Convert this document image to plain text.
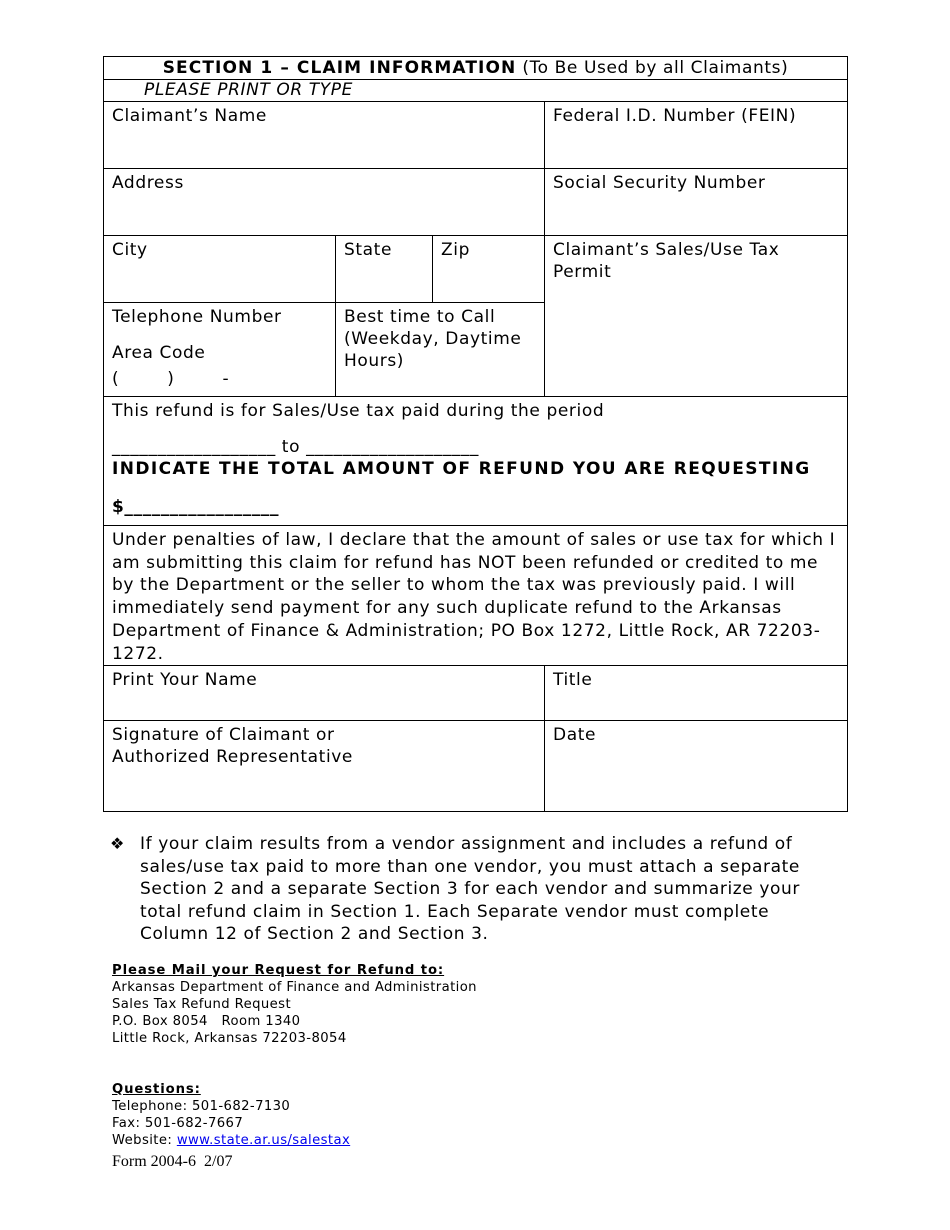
SECTION 1 – CLAIM INFORMATION (To Be Used by all Claimants)			
PLEASE PRINT OR TYPE			
Claimant’s Name			Federal I.D. Number (FEIN)
Address			Social Security Number
City	State	Zip	Claimant’s Sales/Use Tax Permit

Telephone Number
Area Code
(        )        -	Best time to Call (Weekday, Daytime Hours)		

This refund is for Sales/Use tax paid during the period
__________________ to ___________________
INDICATE THE TOTAL AMOUNT OF REFUND YOU ARE REQUESTING
$_________________			

Under penalties of law, I declare that the amount of sales or use tax for which I am submitting this claim for refund has NOT been refunded or credited to me by the Department or the seller to whom the tax was previously paid. I will immediately send payment for any such duplicate refund to the Arkansas Department of Finance & Administration; PO Box 1272, Little Rock, AR 72203-1272.			
Print Your Name			Title

Signature of Claimant or Authorized Representative			Date
❖ If your claim results from a vendor assignment and includes a refund of sales/use tax paid to more than one vendor, you must attach a separate Section 2 and a separate Section 3 for each vendor and summarize your total refund claim in Section 1. Each Separate vendor must complete Column 12 of Section 2 and Section 3.
Please Mail your Request for Refund to:
Arkansas Department of Finance and Administration
Sales Tax Refund Request
P.O. Box 8054   Room 1340
Little Rock, Arkansas 72203-8054
Questions:
Telephone: 501-682-7130
Fax: 501-682-7667
Website: www.state.ar.us/salestax
Form 2004-6  2/07
